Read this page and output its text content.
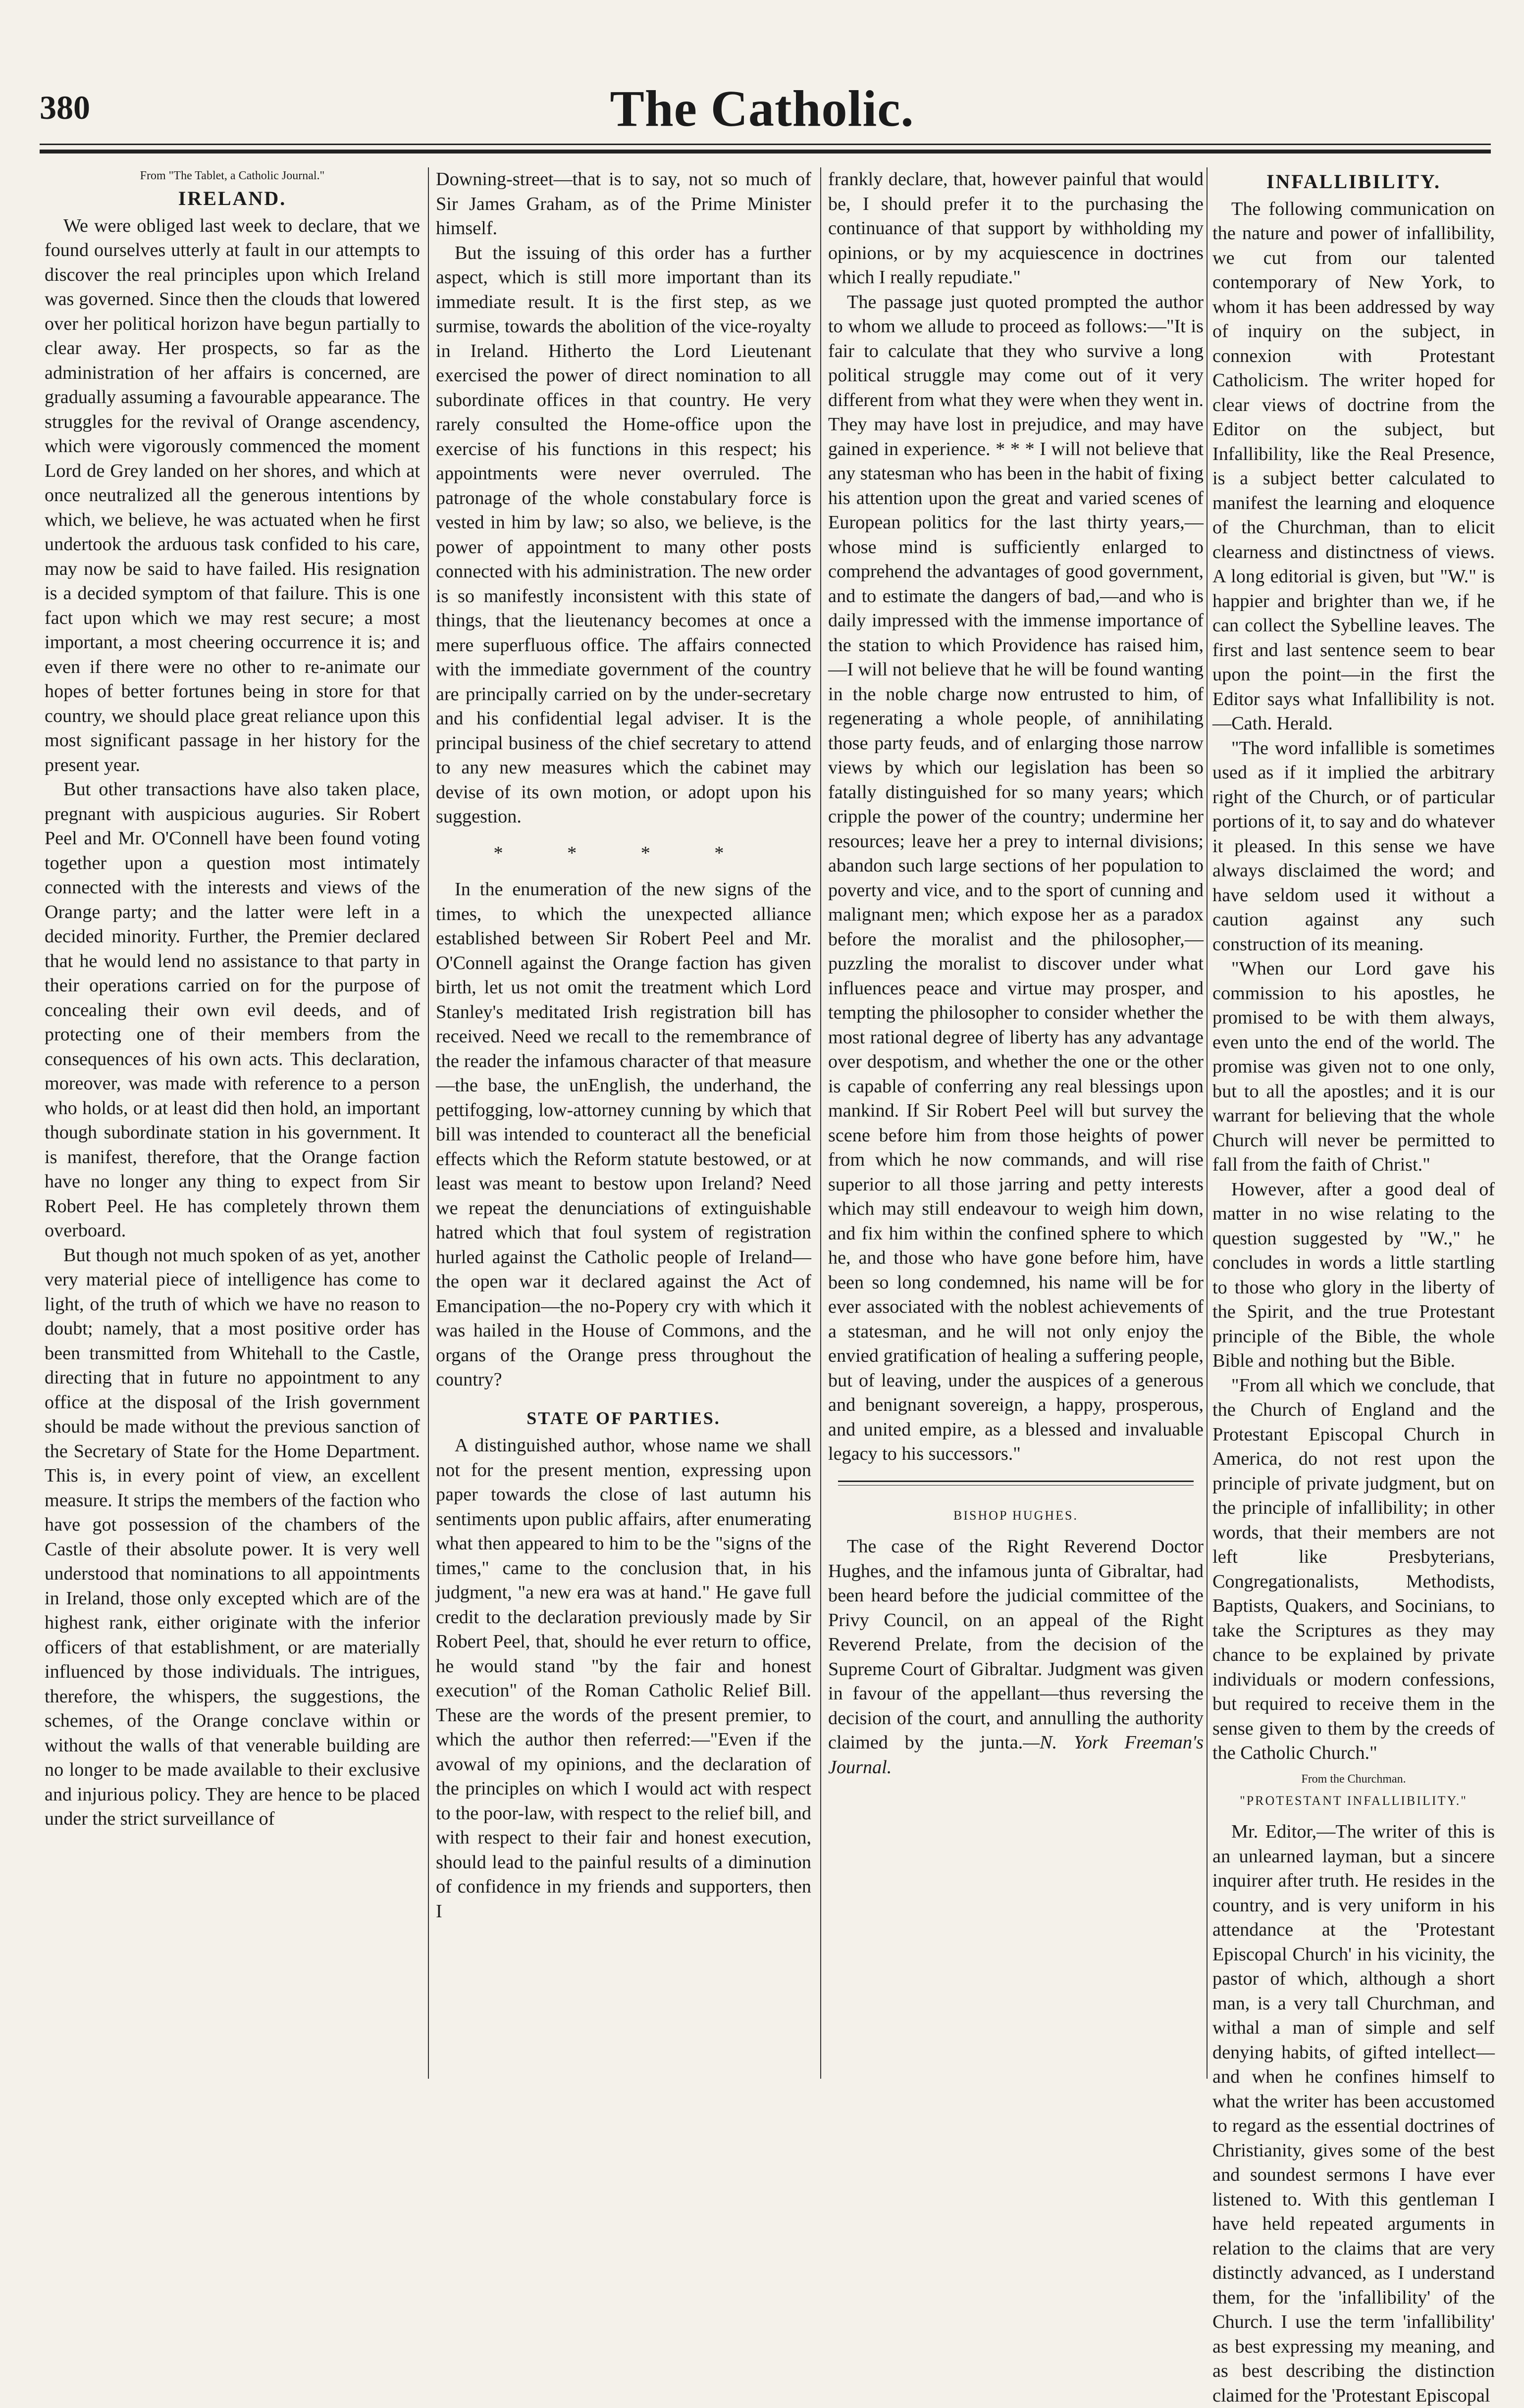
380	The Catholic.

From "The Tablet, a Catholic Journal."

IRELAND.

We were obliged last week to declare, that we found ourselves utterly at fault in our attempts to discover the real principles upon which Ireland was governed. Since then the clouds that lowered over her political horizon have begun partially to clear away. Her prospects, so far as the administration of her affairs is concerned, are gradually assuming a favourable appearance. The struggles for the revival of Orange ascendency, which were vigorously commenced the moment Lord de Grey landed on her shores, and which at once neutralized all the generous intentions by which, we believe, he was actuated when he first undertook the arduous task confided to his care, may now be said to have failed. His resignation is a decided symptom of that failure. This is one fact upon which we may rest secure; a most important, a most cheering occurrence it is; and even if there were no other to re-animate our hopes of better fortunes being in store for that country, we should place great reliance upon this most significant passage in her history for the present year.

But other transactions have also taken place, pregnant with auspicious auguries. Sir Robert Peel and Mr. O'Connell have been found voting together upon a question most intimately connected with the interests and views of the Orange party; and the latter were left in a decided minority. Further, the Premier declared that he would lend no assistance to that party in their operations carried on for the purpose of concealing their own evil deeds, and of protecting one of their members from the consequences of his own acts. This declaration, moreover, was made with reference to a person who holds, or at least did then hold, an important though subordinate station in his government. It is manifest, therefore, that the Orange faction have no longer any thing to expect from Sir Robert Peel. He has completely thrown them overboard.

But though not much spoken of as yet, another very material piece of intelligence has come to light, of the truth of which we have no reason to doubt; namely, that a most positive order has been transmitted from Whitehall to the Castle, directing that in future no appointment to any office at the disposal of the Irish government should be made without the previous sanction of the Secretary of State for the Home Department. This is, in every point of view, an excellent measure. It strips the members of the faction who have got possession of the chambers of the Castle of their absolute power. It is very well understood that nominations to all appointments in Ireland, those only excepted which are of the highest rank, either originate with the inferior officers of that establishment, or are materially influenced by those individuals. The intrigues, therefore, the whispers, the suggestions, the schemes, of the Orange conclave within or without the walls of that venerable building are no longer to be made available to their exclusive and injurious policy. They are hence to be placed under the strict surveillance of

Downing-street—that is to say, not so much of Sir James Graham, as of the Prime Minister himself.

But the issuing of this order has a further aspect, which is still more important than its immediate result. It is the first step, as we surmise, towards the abolition of the vice-royalty in Ireland. Hitherto the Lord Lieutenant exercised the power of direct nomination to all subordinate offices in that country. He very rarely consulted the Home-office upon the exercise of his functions in this respect; his appointments were never overruled. The patronage of the whole constabulary force is vested in him by law; so also, we believe, is the power of appointment to many other posts connected with his administration. The new order is so manifestly inconsistent with this state of things, that the lieutenancy becomes at once a mere superfluous office. The affairs connected with the immediate government of the country are principally carried on by the under-secretary and his confidential legal adviser. It is the principal business of the chief secretary to attend to any new measures which the cabinet may devise of its own motion, or adopt upon his suggestion.

* * * *

In the enumeration of the new signs of the times, to which the unexpected alliance established between Sir Robert Peel and Mr. O'Connell against the Orange faction has given birth, let us not omit the treatment which Lord Stanley's meditated Irish registration bill has received. Need we recall to the remembrance of the reader the infamous character of that measure—the base, the unEnglish, the underhand, the pettifogging, low-attorney cunning by which that bill was intended to counteract all the beneficial effects which the Reform statute bestowed, or at least was meant to bestow upon Ireland? Need we repeat the denunciations of extinguishable hatred which that foul system of registration hurled against the Catholic people of Ireland—the open war it declared against the Act of Emancipation—the no-Popery cry with which it was hailed in the House of Commons, and the organs of the Orange press throughout the country?

STATE OF PARTIES.

A distinguished author, whose name we shall not for the present mention, expressing upon paper towards the close of last autumn his sentiments upon public affairs, after enumerating what then appeared to him to be the "signs of the times," came to the conclusion that, in his judgment, "a new era was at hand." He gave full credit to the declaration previously made by Sir Robert Peel, that, should he ever return to office, he would stand "by the fair and honest execution" of the Roman Catholic Relief Bill. These are the words of the present premier, to which the author then referred:—"Even if the avowal of my opinions, and the declaration of the principles on which I would act with respect to the poor-law, with respect to the relief bill, and with respect to their fair and honest execution, should lead to the painful results of a diminution of confidence in my friends and supporters, then I

frankly declare, that, however painful that would be, I should prefer it to the purchasing the continuance of that support by withholding my opinions, or by my acquiescence in doctrines which I really repudiate."

The passage just quoted prompted the author to whom we allude to proceed as follows:—"It is fair to calculate that they who survive a long political struggle may come out of it very different from what they were when they went in. They may have lost in prejudice, and may have gained in experience. * * * I will not believe that any statesman who has been in the habit of fixing his attention upon the great and varied scenes of European politics for the last thirty years,—whose mind is sufficiently enlarged to comprehend the advantages of good government, and to estimate the dangers of bad,—and who is daily impressed with the immense importance of the station to which Providence has raised him,—I will not believe that he will be found wanting in the noble charge now entrusted to him, of regenerating a whole people, of annihilating those party feuds, and of enlarging those narrow views by which our legislation has been so fatally distinguished for so many years; which cripple the power of the country; undermine her resources; leave her a prey to internal divisions; abandon such large sections of her population to poverty and vice, and to the sport of cunning and malignant men; which expose her as a paradox before the moralist and the philosopher,—puzzling the moralist to discover under what influences peace and virtue may prosper, and tempting the philosopher to consider whether the most rational degree of liberty has any advantage over despotism, and whether the one or the other is capable of conferring any real blessings upon mankind. If Sir Robert Peel will but survey the scene before him from those heights of power from which he now commands, and will rise superior to all those jarring and petty interests which may still endeavour to weigh him down, and fix him within the confined sphere to which he, and those who have gone before him, have been so long condemned, his name will be for ever associated with the noblest achievements of a statesman, and he will not only enjoy the envied gratification of healing a suffering people, but of leaving, under the auspices of a generous and benignant sovereign, a happy, prosperous, and united empire, as a blessed and invaluable legacy to his successors."

BISHOP HUGHES.

The case of the Right Reverend Doctor Hughes, and the infamous junta of Gibraltar, had been heard before the judicial committee of the Privy Council, on an appeal of the Right Reverend Prelate, from the decision of the Supreme Court of Gibraltar. Judgment was given in favour of the appellant—thus reversing the decision of the court, and annulling the authority claimed by the junta.—N. York Freeman's Journal.

INFALLIBILITY.

The following communication on the nature and power of infallibility, we cut from our talented contemporary of New York, to whom it has been addressed by way of inquiry on the subject, in connexion with Protestant Catholicism. The writer hoped for clear views of doctrine from the Editor on the subject, but Infallibility, like the Real Presence, is a subject better calculated to manifest the learning and eloquence of the Churchman, than to elicit clearness and distinctness of views. A long editorial is given, but "W." is happier and brighter than we, if he can collect the Sybelline leaves. The first and last sentence seem to bear upon the point—in the first the Editor says what Infallibility is not.—Cath. Herald.

"The word infallible is sometimes used as if it implied the arbitrary right of the Church, or of particular portions of it, to say and do whatever it pleased. In this sense we have always disclaimed the word; and have seldom used it without a caution against any such construction of its meaning.

"When our Lord gave his commission to his apostles, he promised to be with them always, even unto the end of the world. The promise was given not to one only, but to all the apostles; and it is our warrant for believing that the whole Church will never be permitted to fall from the faith of Christ."

However, after a good deal of matter in no wise relating to the question suggested by "W.," he concludes in words a little startling to those who glory in the liberty of the Spirit, and the true Protestant principle of the Bible, the whole Bible and nothing but the Bible.

"From all which we conclude, that the Church of England and the Protestant Episcopal Church in America, do not rest upon the principle of private judgment, but on the principle of infallibility; in other words, that their members are not left like Presbyterians, Congregationalists, Methodists, Baptists, Quakers, and Socinians, to take the Scriptures as they may chance to be explained by private individuals or modern confessions, but required to receive them in the sense given to them by the creeds of the Catholic Church."

From the Churchman.

"PROTESTANT INFALLIBILITY."

Mr. Editor,—The writer of this is an unlearned layman, but a sincere inquirer after truth. He resides in the country, and is very uniform in his attendance at the 'Protestant Episcopal Church' in his vicinity, the pastor of which, although a short man, is a very tall Churchman, and withal a man of simple and self denying habits, of gifted intellect—and when he confines himself to what the writer has been accustomed to regard as the essential doctrines of Christianity, gives some of the best and soundest sermons I have ever listened to. With this gentleman I have held repeated arguments in relation to the claims that are very distinctly advanced, as I understand them, for the 'infallibility' of the Church. I use the term 'infallibility' as best expressing my meaning, and as best describing the distinction claimed for the 'Protestant Episcopal
